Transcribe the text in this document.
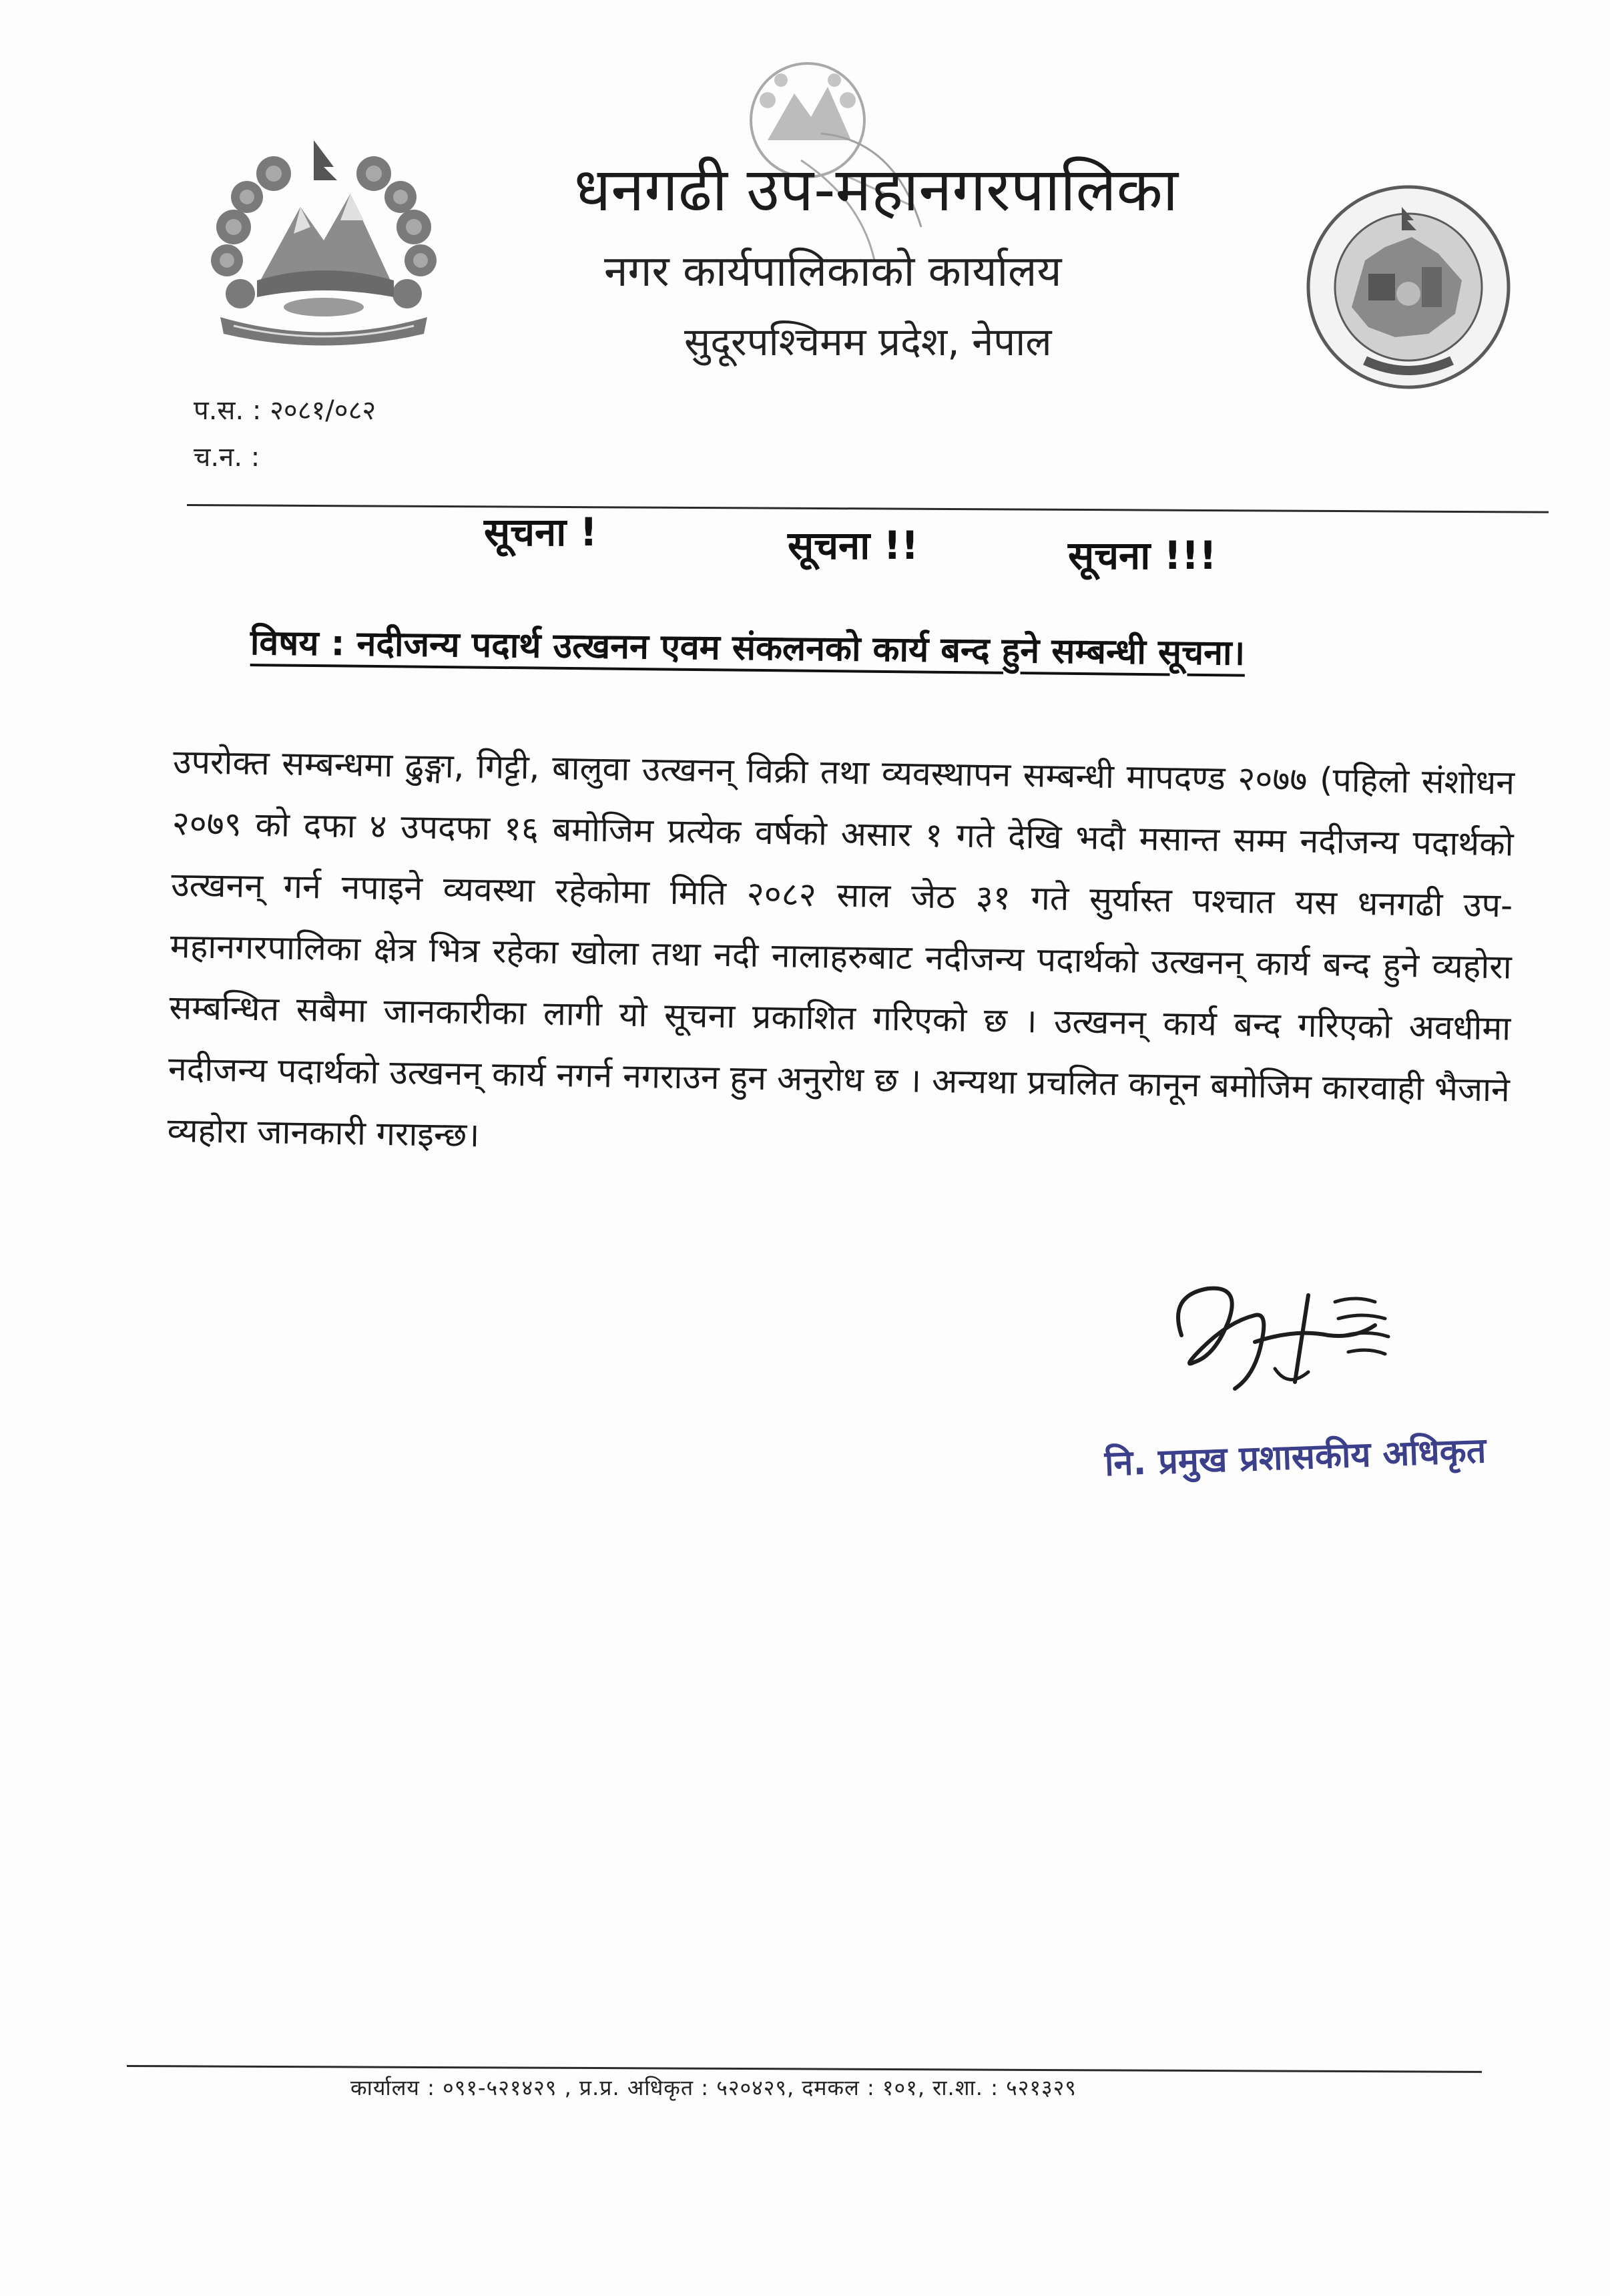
धनगढी उप-महानगरपालिका
नगर कार्यपालिकाको कार्यालय
सुदूरपश्चिमम प्रदेश, नेपाल
प.स. : २०८१/०८२
च.न. :
सूचना !	सूचना !!	सूचना !!!
विषय : नदीजन्य पदार्थ उत्खनन एवम संकलनको कार्य बन्द हुने सम्बन्धी सूचना।
उपरोक्त सम्बन्धमा ढुङ्गा, गिट्टी, बालुवा उत्खनन् विक्री तथा व्यवस्थापन सम्बन्धी मापदण्ड २०७७ (पहिलो संशोधन २०७९ को दफा ४ उपदफा १६ बमोजिम प्रत्येक वर्षको असार १ गते देखि भदौ मसान्त सम्म नदीजन्य पदार्थको उत्खनन् गर्न नपाइने व्यवस्था रहेकोमा मिति २०८२ साल जेठ ३१ गते सुर्यास्त पश्चात यस धनगढी उप-महानगरपालिका क्षेत्र भित्र रहेका खोला तथा नदी नालाहरुबाट नदीजन्य पदार्थको उत्खनन् कार्य बन्द हुने व्यहोरा सम्बन्धित सबैमा जानकारीका लागी यो सूचना प्रकाशित गरिएको छ । उत्खनन् कार्य बन्द गरिएको अवधीमा नदीजन्य पदार्थको उत्खनन् कार्य नगर्न नगराउन हुन अनुरोध छ । अन्यथा प्रचलित कानून बमोजिम कारवाही भैजाने व्यहोरा जानकारी गराइन्छ।
नि. प्रमुख प्रशासकीय अधिकृत
कार्यालय : ०९१-५२१४२९ , प्र.प्र. अधिकृत : ५२०४२९, दमकल : १०१, रा.शा. : ५२१३२९
